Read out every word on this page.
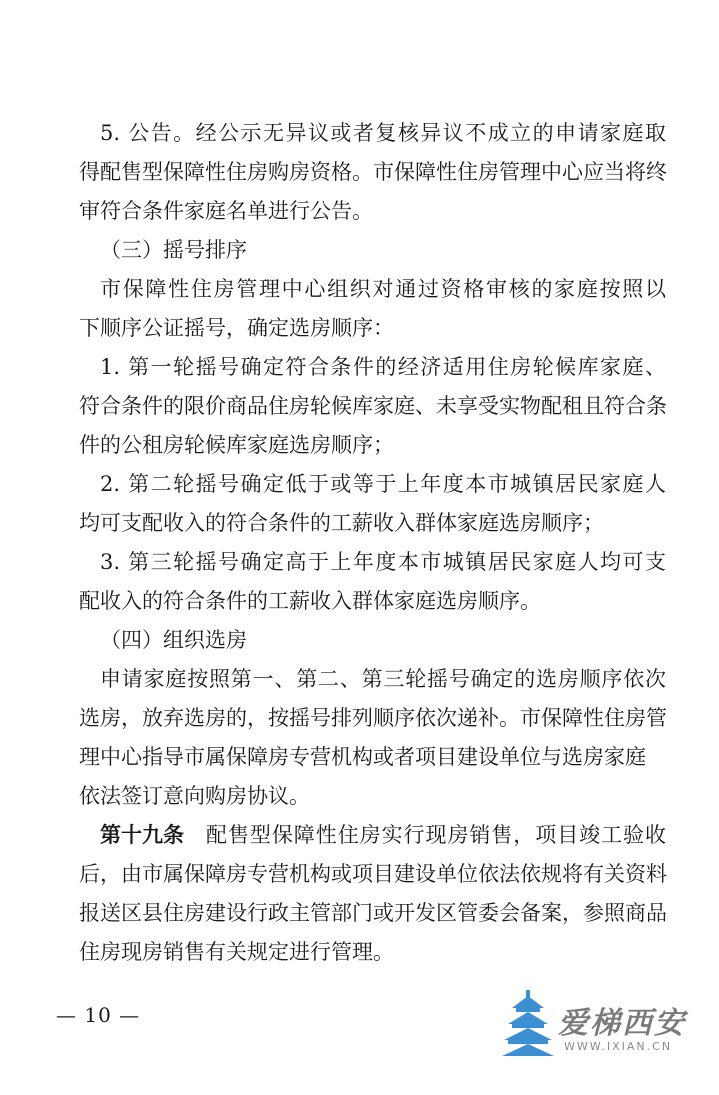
5. 公告。经公示无异议或者复核异议不成立的申请家庭取
得配售型保障性住房购房资格。市保障性住房管理中心应当将终
审符合条件家庭名单进行公告。
（三）摇号排序
市保障性住房管理中心组织对通过资格审核的家庭按照以
下顺序公证摇号，确定选房顺序：
1. 第一轮摇号确定符合条件的经济适用住房轮候库家庭、
符合条件的限价商品住房轮候库家庭、未享受实物配租且符合条
件的公租房轮候库家庭选房顺序；
2. 第二轮摇号确定低于或等于上年度本市城镇居民家庭人
均可支配收入的符合条件的工薪收入群体家庭选房顺序；
3. 第三轮摇号确定高于上年度本市城镇居民家庭人均可支
配收入的符合条件的工薪收入群体家庭选房顺序。
（四）组织选房
申请家庭按照第一、第二、第三轮摇号确定的选房顺序依次
选房，放弃选房的，按摇号排列顺序依次递补。市保障性住房管
理中心指导市属保障房专营机构或者项目建设单位与选房家庭
依法签订意向购房协议。
第十九条 配售型保障性住房实行现房销售，项目竣工验收
后，由市属保障房专营机构或项目建设单位依法依规将有关资料
报送区县住房建设行政主管部门或开发区管委会备案，参照商品
住房现房销售有关规定进行管理。
— 10 —	爱梯西安
WWW.IXIAN.CN
